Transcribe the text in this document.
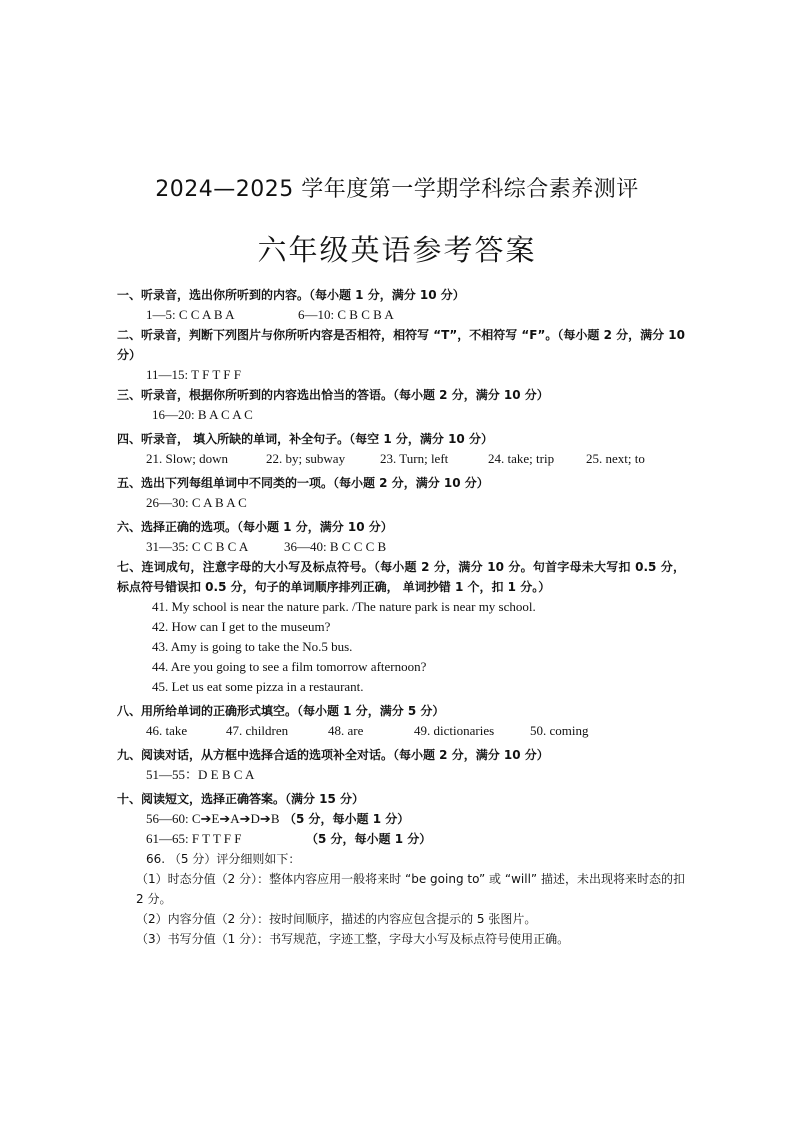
2024—2025 学年度第一学期学科综合素养测评
六年级英语参考答案

一、听录音，选出你所听到的内容。（每小题 1 分，满分 10 分）

1—5: C C A B A	6—10: C B C B A

二、听录音，判断下列图片与你所听内容是否相符，相符写 “T”，不相符写 “F”。（每小题 2 分，满分 10 分）

11—15: T F T F F

三、听录音，根据你所听到的内容选出恰当的答语。（每小题 2 分，满分 10 分）

16—20: B A C A C

四、听录音， 填入所缺的单词，补全句子。（每空 1 分，满分 10 分）

21. Slow; down	22. by; subway	23. Turn; left	24. take; trip	25. next; to

五、选出下列每组单词中不同类的一项。（每小题 2 分，满分 10 分）

26—30: C A B A C

六、选择正确的选项。（每小题 1 分，满分 10 分）

31—35: C C B C A	36—40: B C C C B

七、连词成句，注意字母的大小写及标点符号。（每小题 2 分，满分 10 分。句首字母未大写扣 0.5 分，标点符号错误扣 0.5 分，句子的单词顺序排列正确， 单词抄错 1 个，扣 1 分。）

41. My school is near the nature park. /The nature park is near my school.

42. How can I get to the museum?

43. Amy is going to take the No.5 bus.

44. Are you going to see a film tomorrow afternoon?

45. Let us eat some pizza in a restaurant.

八、用所给单词的正确形式填空。（每小题 1 分，满分 5 分）

46. take	47. children	48. are	49. dictionaries	50. coming

九、阅读对话，从方框中选择合适的选项补全对话。（每小题 2 分，满分 10 分）

51—55：D E B C A

十、阅读短文，选择正确答案。（满分 15 分）

56—60: C➔E➔A➔D➔B （5 分，每小题 1 分）
61—65: F T T F F	（5 分，每小题 1 分）

66. （5 分）评分细则如下：

（1）时态分值（2 分）：整体内容应用一般将来时 “be going to” 或 “will” 描述，未出现将来时态的扣 2 分。

（2）内容分值（2 分）：按时间顺序，描述的内容应包含提示的 5 张图片。

（3）书写分值（1 分）：书写规范，字迹工整，字母大小写及标点符号使用正确。
